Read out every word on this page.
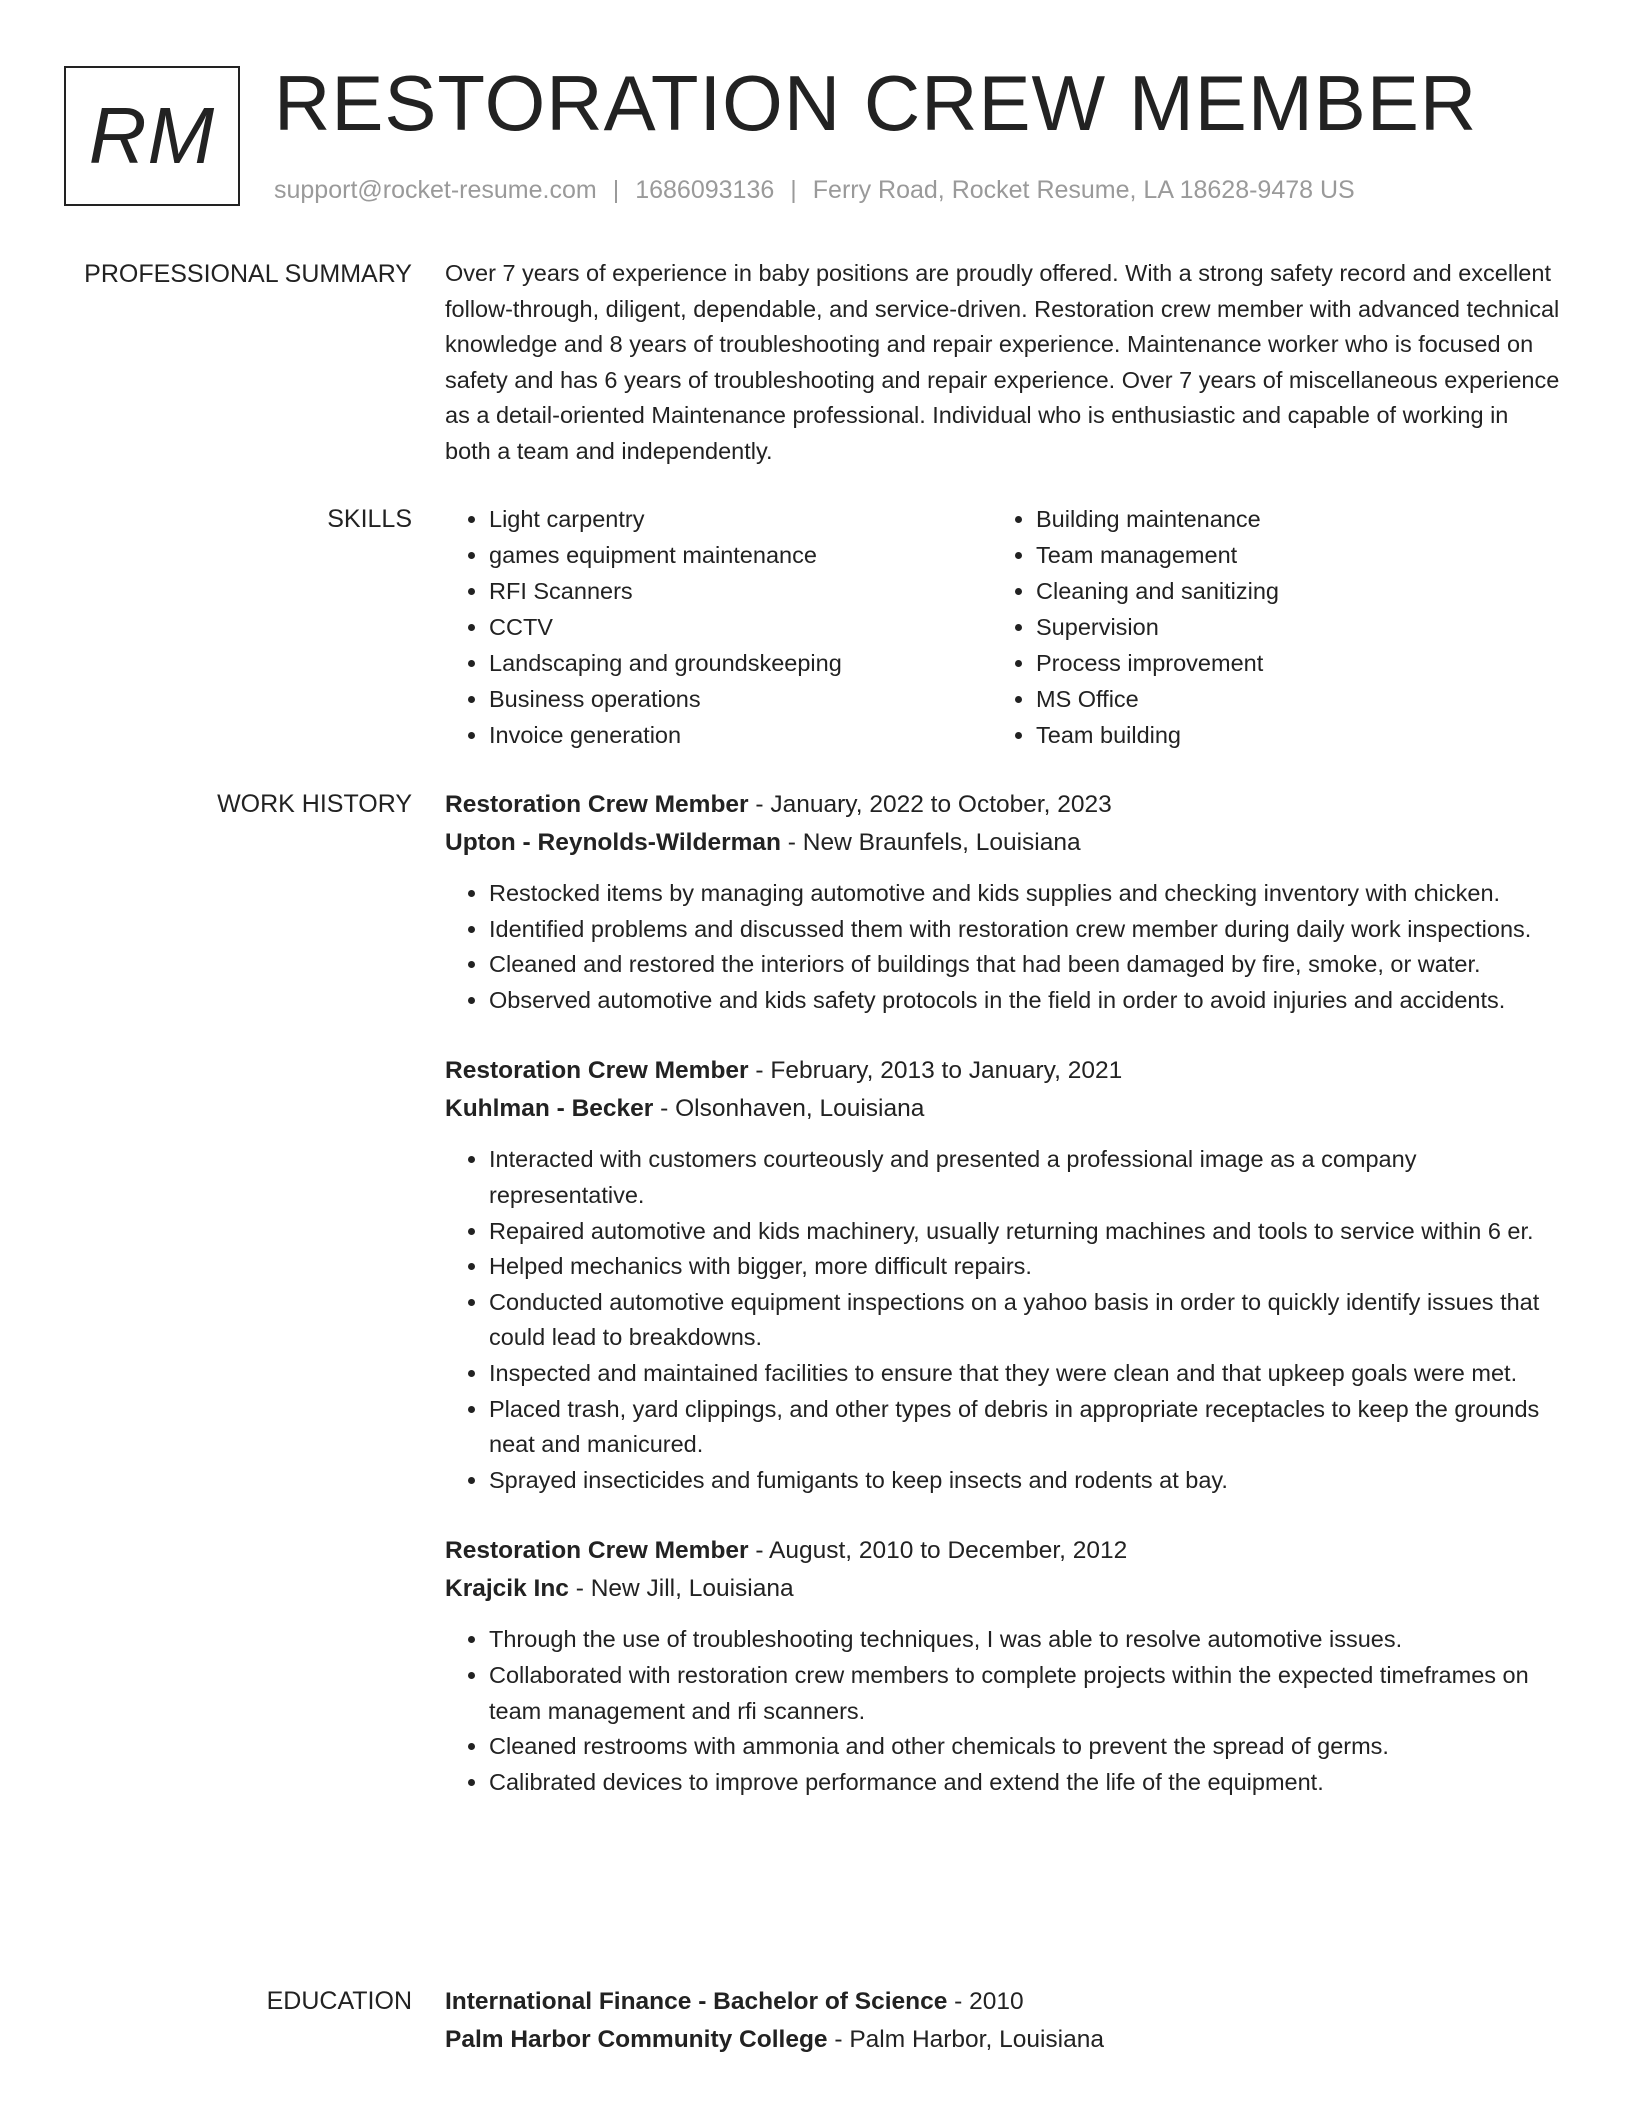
RM RESTORATION CREW MEMBER
support@rocket-resume.com | 1686093136 | Ferry Road, Rocket Resume, LA 18628-9478 US
PROFESSIONAL SUMMARY Over 7 years of experience in baby positions are proudly offered. With a strong safety record and excellent follow-through, diligent, dependable, and service-driven. Restoration crew member with advanced technical knowledge and 8 years of troubleshooting and repair experience. Maintenance worker who is focused on safety and has 6 years of troubleshooting and repair experience. Over 7 years of miscellaneous experience as a detail-oriented Maintenance professional. Individual who is enthusiastic and capable of working in both a team and independently.

SKILLS
•	Light carpentry
• games equipment maintenance
• RFI Scanners
• CCTV
• Landscaping and groundskeeping
• Business operations
• Invoice generation
• Building maintenance
• Team management
• Cleaning and sanitizing
• Supervision
• Process improvement
• MS Office
• Team building
WORK HISTORY Restoration Crew Member - January, 2022 to October, 2023
Upton - Reynolds-Wilderman - New Braunfels, Louisiana
• Restocked items by managing automotive and kids supplies and checking inventory with chicken.
• Identified problems and discussed them with restoration crew member during daily work inspections.
• Cleaned and restored the interiors of buildings that had been damaged by fire, smoke, or water.
• Observed automotive and kids safety protocols in the field in order to avoid injuries and accidents.
Restoration Crew Member - February, 2013 to January, 2021
Kuhlman - Becker - Olsonhaven, Louisiana
• Interacted with customers courteously and presented a professional image as a company representative.
• Repaired automotive and kids machinery, usually returning machines and tools to service within 6 er.
• Helped mechanics with bigger, more difficult repairs.
• Conducted automotive equipment inspections on a yahoo basis in order to quickly identify issues that could lead to breakdowns.
• Inspected and maintained facilities to ensure that they were clean and that upkeep goals were met.
• Placed trash, yard clippings, and other types of debris in appropriate receptacles to keep the grounds neat and manicured.
• Sprayed insecticides and fumigants to keep insects and rodents at bay.
Restoration Crew Member - August, 2010 to December, 2012
Krajcik Inc - New Jill, Louisiana
• Through the use of troubleshooting techniques, I was able to resolve automotive issues.
• Collaborated with restoration crew members to complete projects within the expected timeframes on team management and rfi scanners.
• Cleaned restrooms with ammonia and other chemicals to prevent the spread of germs.
• Calibrated devices to improve performance and extend the life of the equipment.
EDUCATION International Finance - Bachelor of Science - 2010
Palm Harbor Community College - Palm Harbor, Louisiana
